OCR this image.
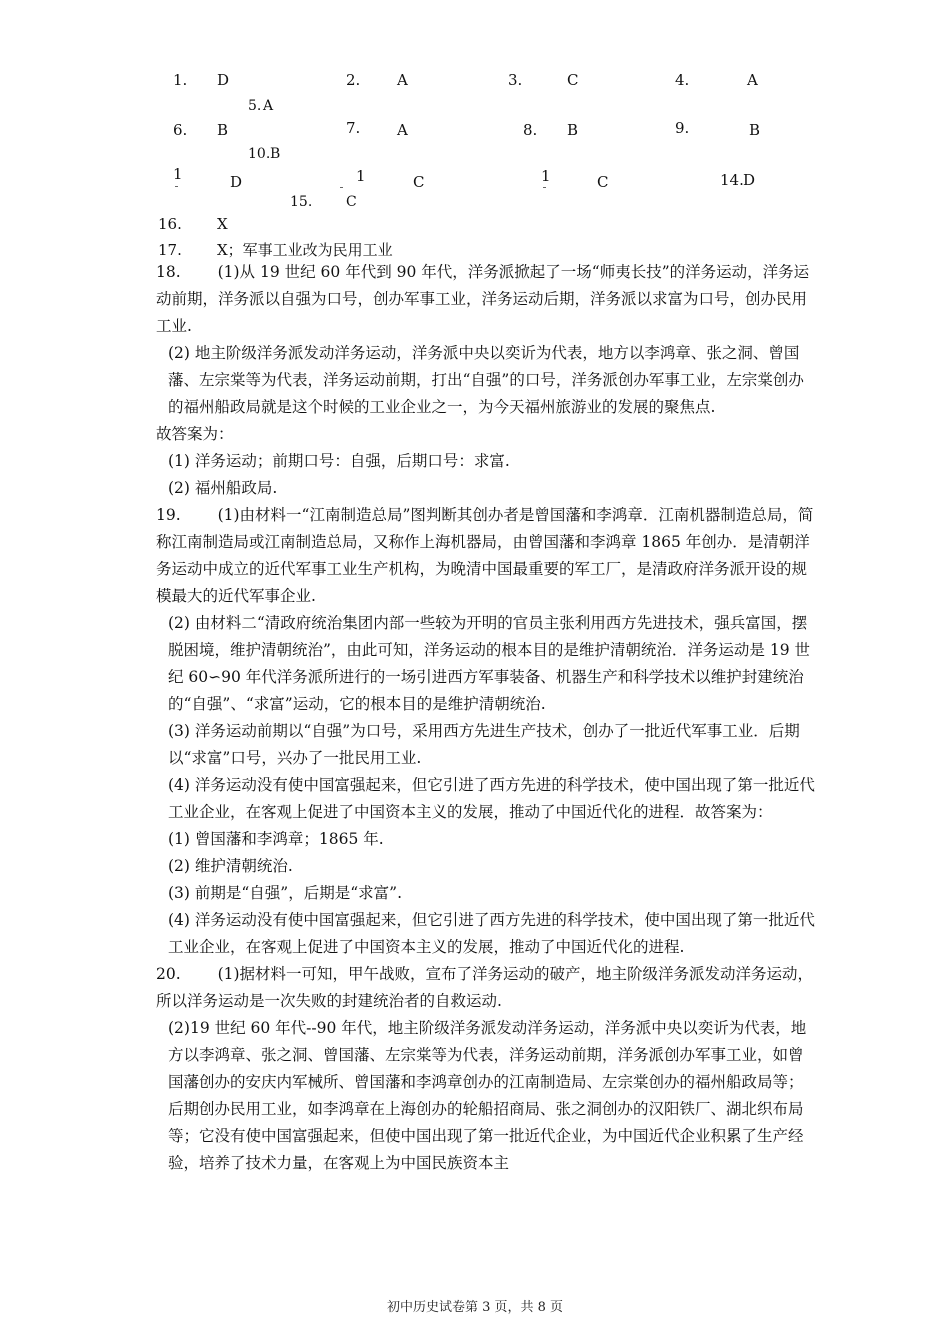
1. D	2. A	3.	C	4.	A
5. A
6. B	7. A	8. B	9.	B
10. B
1	D	1	C	1	C	14. D
15. C
16. X
17. X；军事工业改为民用工业

18. (1)从 19 世纪 60 年代到 90 年代，洋务派掀起了一场“师夷长技”的洋务运动，洋务运动前期，洋务派以自强为口号，创办军事工业，洋务运动后期，洋务派以求富为口号，创办民用工业.

(2) 地主阶级洋务派发动洋务运动，洋务派中央以奕䜣为代表，地方以李鸿章、张之洞、曾国藩、左宗棠等为代表，洋务运动前期，打出“自强”的口号，洋务派创办军事工业，左宗棠创办的福州船政局就是这个时候的工业企业之一，为今天福州旅游业的发展的聚焦点.

故答案为：

(1) 洋务运动；前期口号：自强，后期口号：求富.

(2) 福州船政局.

19. (1)由材料一“江南制造总局”图判断其创办者是曾国藩和李鸿章．江南机器制造总局，简称江南制造局或江南制造总局，又称作上海机器局，由曾国藩和李鸿章 1865 年创办．是清朝洋务运动中成立的近代军事工业生产机构，为晚清中国最重要的军工厂，是清政府洋务派开设的规模最大的近代军事企业.

(2) 由材料二“清政府统治集团内部一些较为开明的官员主张利用西方先进技术，强兵富国，摆脱困境，维护清朝统治”，由此可知，洋务运动的根本目的是维护清朝统治．洋务运动是 19 世纪 60∽90 年代洋务派所进行的一场引进西方军事装备、机器生产和科学技术以维护封建统治的“自强”、“求富”运动，它的根本目的是维护清朝统治.

(3) 洋务运动前期以“自强”为口号，采用西方先进生产技术，创办了一批近代军事工业．后期以“求富”口号，兴办了一批民用工业.

(4) 洋务运动没有使中国富强起来，但它引进了西方先进的科学技术，使中国出现了第一批近代工业企业，在客观上促进了中国资本主义的发展，推动了中国近代化的进程．故答案为：

(1) 曾国藩和李鸿章；1865 年.

(2) 维护清朝统治.

(3) 前期是“自强”，后期是“求富”.

(4) 洋务运动没有使中国富强起来，但它引进了西方先进的科学技术，使中国出现了第一批近代工业企业，在客观上促进了中国资本主义的发展，推动了中国近代化的进程.

20. (1)据材料一可知，甲午战败，宣布了洋务运动的破产，地主阶级洋务派发动洋务运动，所以洋务运动是一次失败的封建统治者的自救运动.

(2)19 世纪 60 年代--90 年代，地主阶级洋务派发动洋务运动，洋务派中央以奕䜣为代表，地方以李鸿章、张之洞、曾国藩、左宗棠等为代表，洋务运动前期，洋务派创办军事工业，如曾国藩创办的安庆内军械所、曾国藩和李鸿章创办的江南制造局、左宗棠创办的福州船政局等；后期创办民用工业，如李鸿章在上海创办的轮船招商局、张之洞创办的汉阳铁厂、湖北织布局等；它没有使中国富强起来，但使中国出现了第一批近代企业，为中国近代企业积累了生产经验，培养了技术力量，在客观上为中国民族资本主

初中历史试卷第 3 页，共 8 页
